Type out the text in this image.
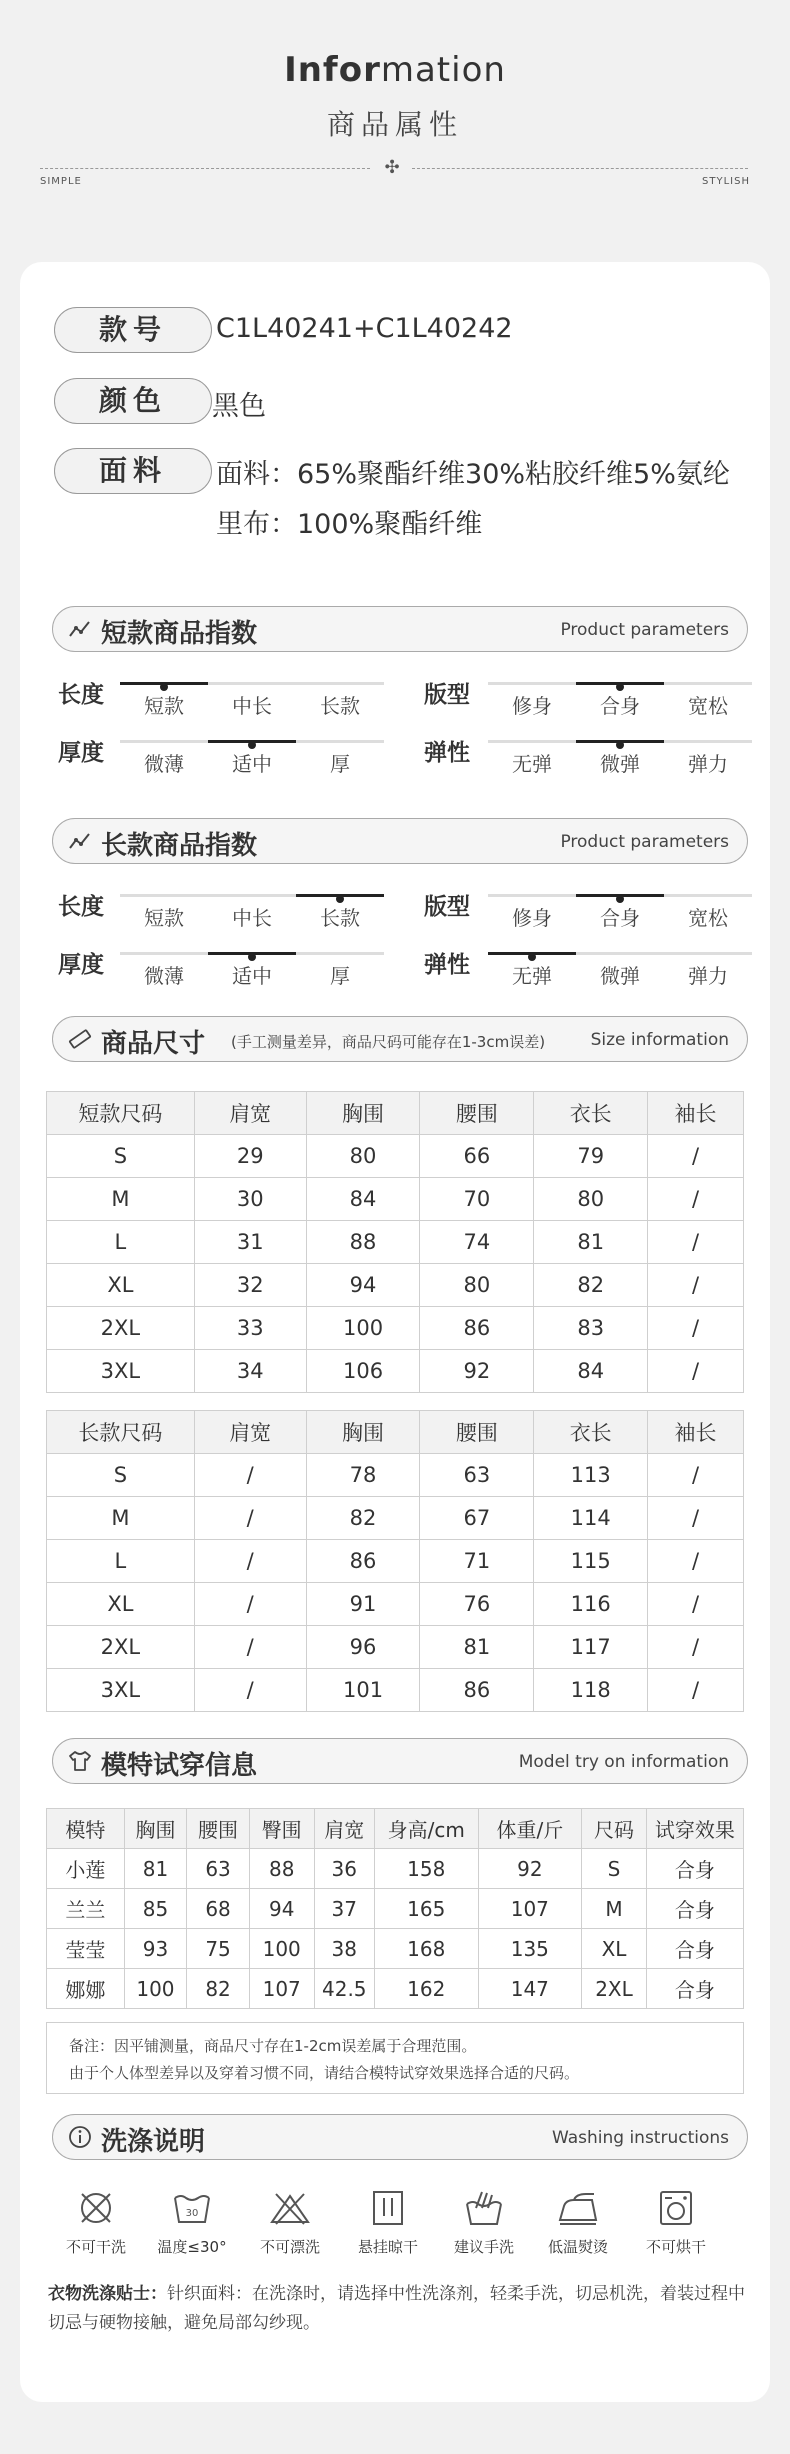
Information
商品属性
✣
SIMPLE	STYLISH
款号	C1L40241+C1L40242
颜色	黑色
面料	面料：65%聚酯纤维30%粘胶纤维5%氨纶
里布：100%聚酯纤维
短款商品指数	Product parameters
长度	短款	中长	长款	版型	修身	合身	宽松
厚度	微薄	适中	厚	弹性	无弹	微弹	弹力
长款商品指数	Product parameters
长度	短款	中长	长款	版型	修身	合身	宽松
厚度	微薄	适中	厚	弹性	无弹	微弹	弹力
商品尺寸 (手工测量差异，商品尺码可能存在1-3cm误差)	Size information
短款尺码	肩宽	胸围	腰围	衣长	袖长
S	29	80	66	79	/
M	30	84	70	80	/
L	31	88	74	81	/
XL	32	94	80	82	/
2XL	33	100	86	83	/
3XL	34	106	92	84	/
长款尺码	肩宽	胸围	腰围	衣长	袖长
S	/	78	63	113	/
M	/	82	67	114	/
L	/	86	71	115	/
XL	/	91	76	116	/
2XL	/	96	81	117	/
3XL	/	101	86	118	/
模特试穿信息	Model try on information
模特	胸围	腰围	臀围	肩宽	身高/cm	体重/斤	尺码	试穿效果
小莲	81	63	88	36	158	92	S	合身
兰兰	85	68	94	37	165	107	M	合身
莹莹	93	75	100	38	168	135	XL	合身
娜娜	100	82	107	42.5	162	147	2XL	合身

备注：因平铺测量，商品尺寸存在1-2cm误差属于合理范围。

由于个人体型差异以及穿着习惯不同，请结合模特试穿效果选择合适的尺码。

洗涤说明	Washing instructions
不可干洗
30
温度≤30°	不可漂洗	悬挂晾干	建议手洗	低温熨烫	不可烘干
衣物洗涤贴士：针织面料：在洗涤时，请选择中性洗涤剂，轻柔手洗，切忌机洗，着装过程中切忌与硬物接触，避免局部勾纱现。
